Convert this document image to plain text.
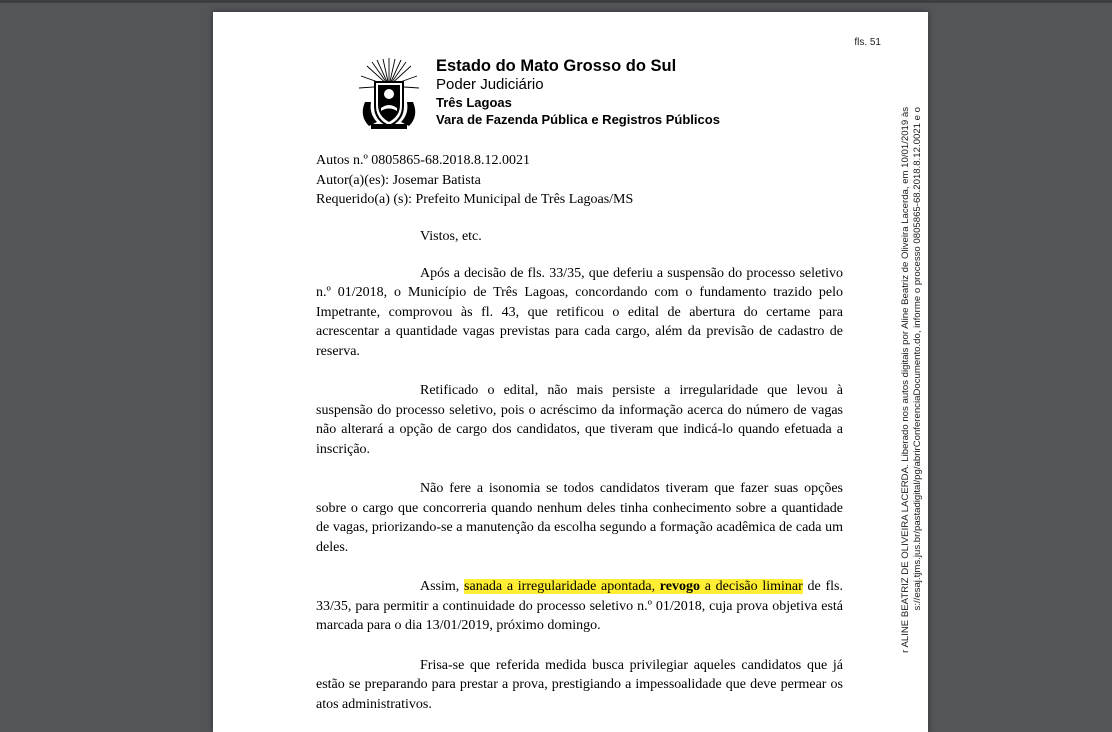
fls. 51
Estado do Mato Grosso do Sul
Poder Judiciário
Três Lagoas
Vara de Fazenda Pública e Registros Públicos
Autos n.º 0805865-68.2018.8.12.0021
Autor(a)(es): Josemar Batista
Requerido(a) (s): Prefeito Municipal de Três Lagoas/MS

Vistos, etc.

Após a decisão de fls. 33/35, que deferiu a suspensão do processo seletivo n.º 01/2018, o Município de Três Lagoas, concordando com o fundamento trazido pelo Impetrante, comprovou às fl. 43, que retificou o edital de abertura do certame para acrescentar a quantidade vagas previstas para cada cargo, além da previsão de cadastro de reserva.

Retificado o edital, não mais persiste a irregularidade que levou à suspensão do processo seletivo, pois o acréscimo da informação acerca do número de vagas não alterará a opção de cargo dos candidatos, que tiveram que indicá-lo quando efetuada a inscrição.

Não fere a isonomia se todos candidatos tiveram que fazer suas opções sobre o cargo que concorreria quando nenhum deles tinha conhecimento sobre a quantidade de vagas, priorizando-se a manutenção da escolha segundo a formação acadêmica de cada um deles.

Assim, sanada a irregularidade apontada, revogo a decisão liminar de fls. 33/35, para permitir a continuidade do processo seletivo n.º 01/2018, cuja prova objetiva está marcada para o dia 13/01/2019, próximo domingo.

Frisa-se que referida medida busca privilegiar aqueles candidatos que já estão se preparando para prestar a prova, prestigiando a impessoalidade que deve permear os atos administrativos.

r ALINE BEATRIZ DE OLIVEIRA LACERDA. Liberado nos autos digitais por Aline Beatriz de Oliveira Lacerda, em 10/01/2019 às s://esaj.tjms.jus.br/pastadigital/pg/abrirConferenciaDocumento.do, informe o processo 0805865-68.2018.8.12.0021 e o
